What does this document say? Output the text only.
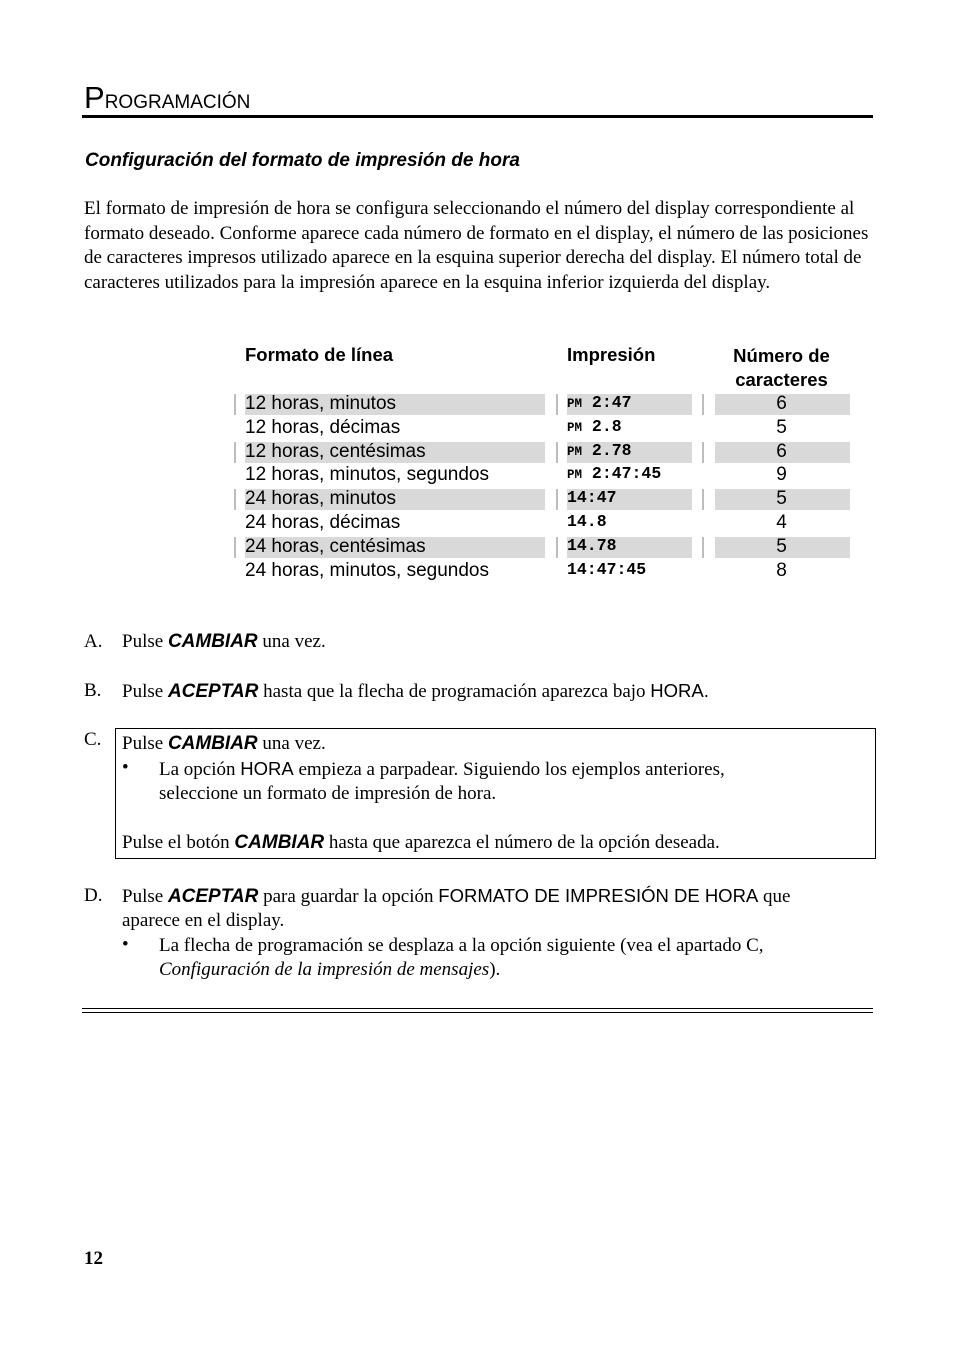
PROGRAMACIÓN
Configuración del formato de impresión de hora
El formato de impresión de hora se configura seleccionando el número del display correspondiente al formato deseado. Conforme aparece cada número de formato en el display, el número de las posiciones de caracteres impresos utilizado aparece en la esquina superior derecha del display. El número total de caracteres utilizados para la impresión aparece en la esquina inferior izquierda del display.
Formato de línea	Impresión	Número de caracteres
12 horas, minutos	PM 2:47	6
12 horas, décimas	PM 2.8	5
12 horas, centésimas	PM 2.78	6
12 horas, minutos, segundos	PM 2:47:45	9
24 horas, minutos	14:47	5
24 horas, décimas	14.8	4
24 horas, centésimas	14.78	5
24 horas, minutos, segundos	14:47:45	8
A. Pulse CAMBIAR una vez.
B. Pulse ACEPTAR hasta que la flecha de programación aparezca bajo HORA.
C. Pulse CAMBIAR una vez.
• La opción HORA empieza a parpadear. Siguiendo los ejemplos anteriores,
seleccione un formato de impresión de hora.
Pulse el botón CAMBIAR hasta que aparezca el número de la opción deseada.
D. Pulse ACEPTAR para guardar la opción FORMATO DE IMPRESIÓN DE HORA que
aparece en el display.
• La flecha de programación se desplaza a la opción siguiente (vea el apartado C,
Configuración de la impresión de mensajes).
12
